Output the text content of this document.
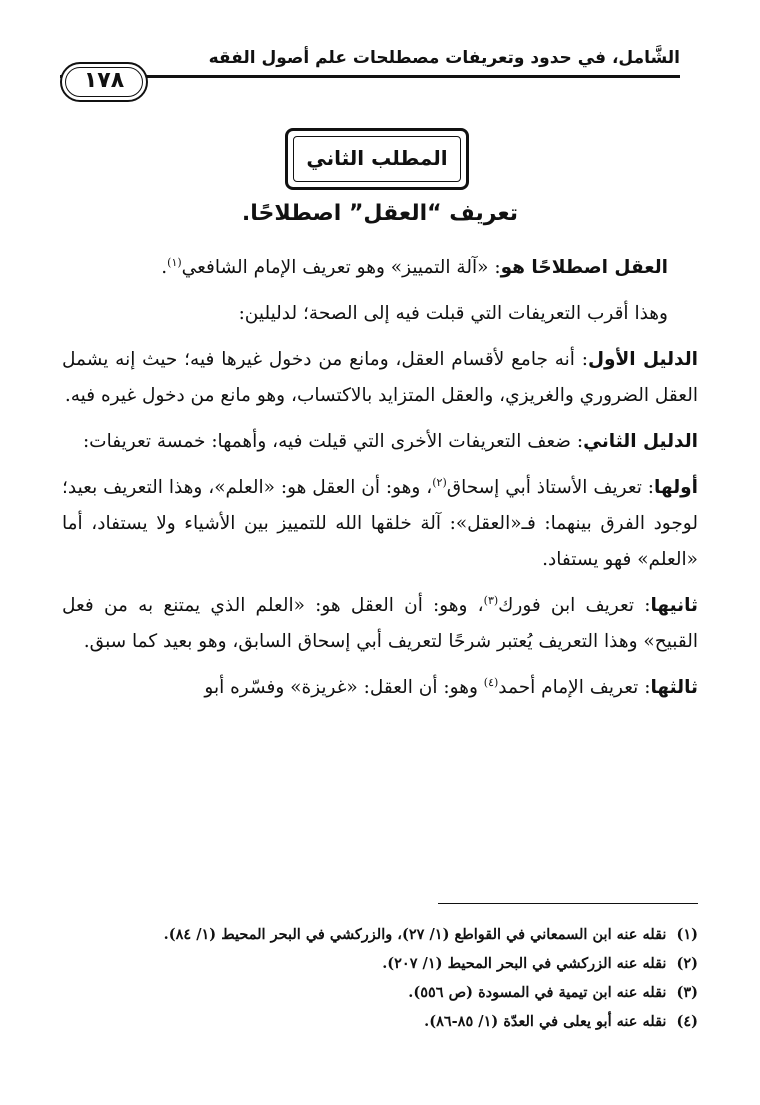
الشَّامل، في حدود وتعريفات مصطلحات علم أصول الفقه
١٧٨
المطلب الثاني
تعريف “العقل” اصطلاحًا.

العقل اصطلاحًا هو: «آلة التمييز» وهو تعريف الإمام الشافعي$^{(١)}$.

وهذا أقرب التعريفات التي قبلت فيه إلى الصحة؛ لدليلين:

الدليل الأول: أنه جامع لأقسام العقل، ومانع من دخول غيرها فيه؛ حيث إنه يشمل العقل الضروري والغريزي، والعقل المتزايد بالاكتساب، وهو مانع من دخول غيره فيه.

الدليل الثاني: ضعف التعريفات الأخرى التي قيلت فيه، وأهمها: خمسة تعريفات:

أولها: تعريف الأستاذ أبي إسحاق$^{(٢)}$، وهو: أن العقل هو: «العلم»، وهذا التعريف بعيد؛ لوجود الفرق بينهما: فـ«العقل»: آلة خلقها الله للتمييز بين الأشياء ولا يستفاد، أما «العلم» فهو يستفاد.

ثانيها: تعريف ابن فورك$^{(٣)}$، وهو: أن العقل هو: «العلم الذي يمتنع به من فعل القبيح» وهذا التعريف يُعتبر شرحًا لتعريف أبي إسحاق السابق، وهو بعيد كما سبق.

ثالثها: تعريف الإمام أحمد$^{(٤)}$ وهو: أن العقل: «غريزة» وفسّره أبو

(١)
نقله عنه ابن السمعاني في القواطع (١/ ٢٧)، والزركشي في البحر المحيط (١/ ٨٤).
(٢)
نقله عنه الزركشي في البحر المحيط (١/ ٢٠٧).
(٣)
نقله عنه ابن تيمية في المسودة (ص ٥٥٦).
(٤)
نقله عنه أبو يعلى في العدّة (١/ ٨٥-٨٦).
